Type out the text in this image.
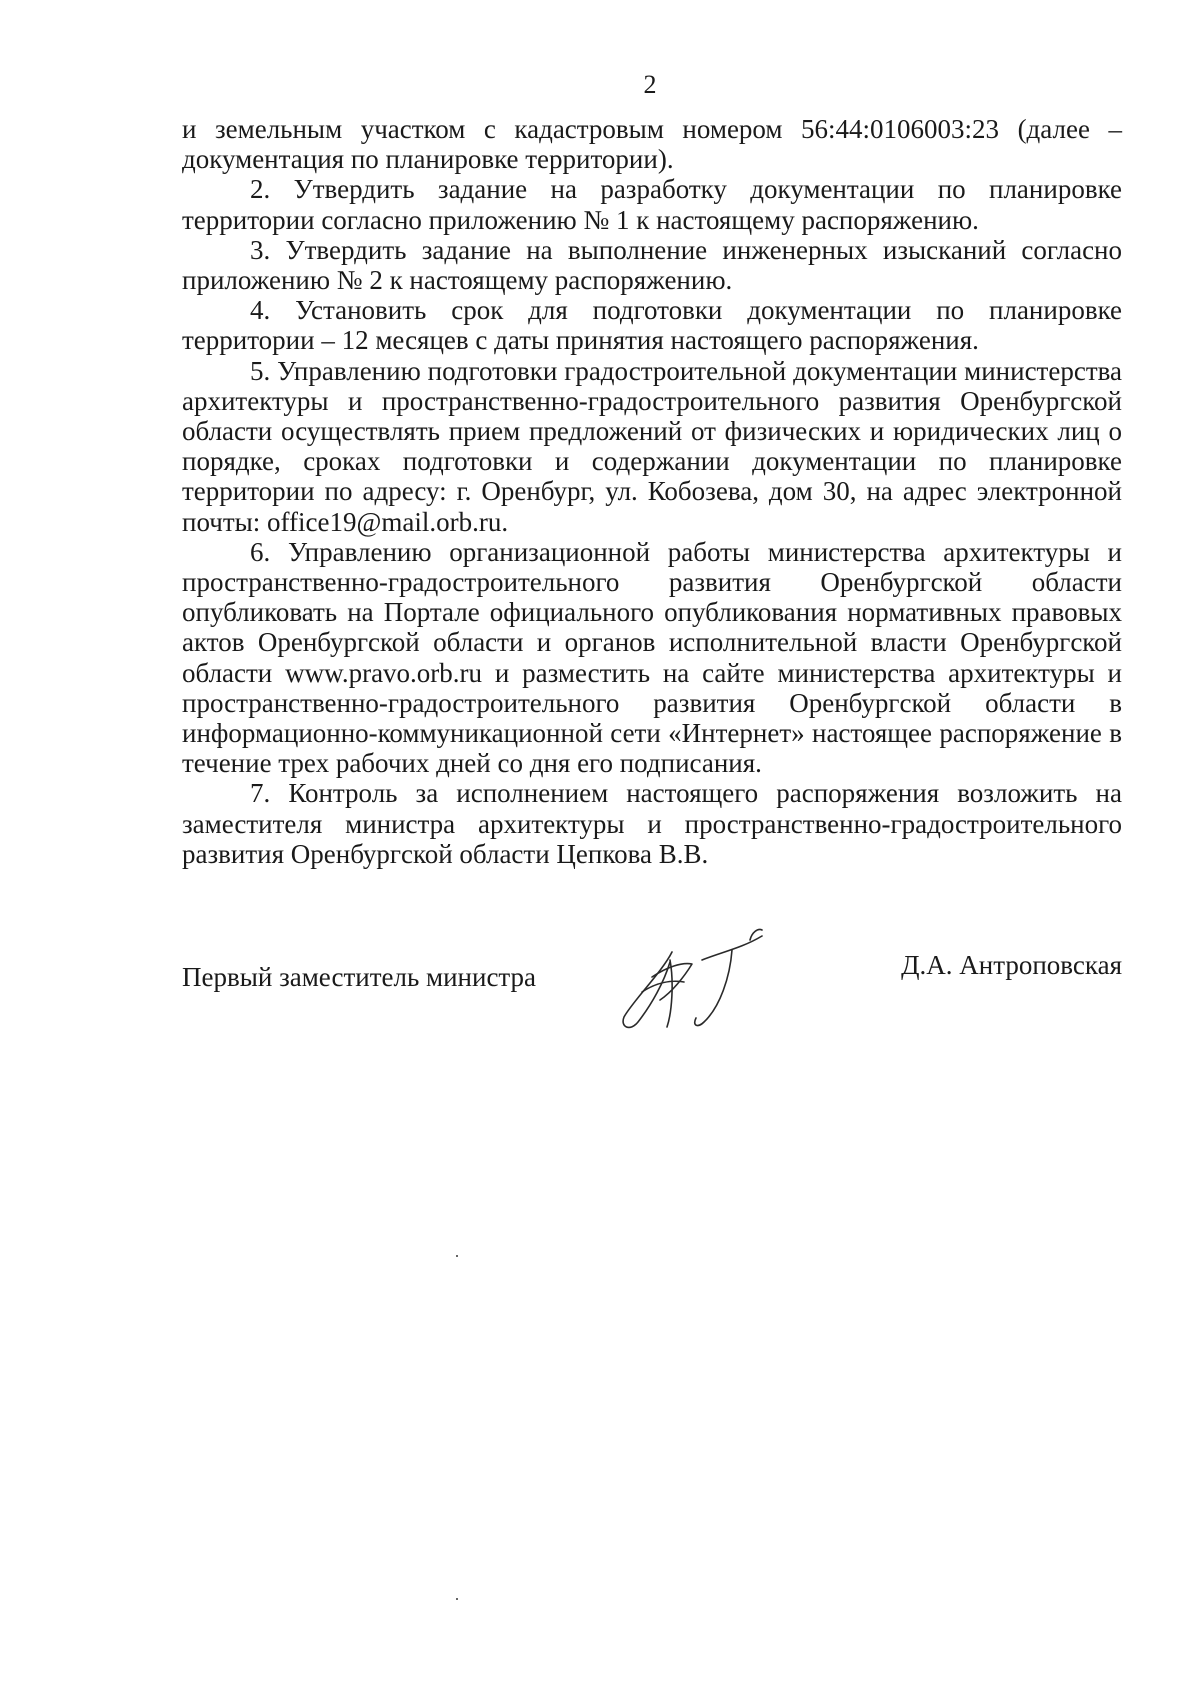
2

и земельным участком с кадастровым номером 56:44:0106003:23 (далее – документация по планировке территории).

2. Утвердить задание на разработку документации по планировке территории согласно приложению № 1 к настоящему распоряжению.

3. Утвердить задание на выполнение инженерных изысканий согласно приложению № 2 к настоящему распоряжению.

4. Установить срок для подготовки документации по планировке территории – 12 месяцев с даты принятия настоящего распоряжения.

5. Управлению подготовки градостроительной документации министерства архитектуры и пространственно-градостроительного развития Оренбургской области осуществлять прием предложений от физических и юридических лиц о порядке, сроках подготовки и содержании документации по планировке территории по адресу: г. Оренбург, ул. Кобозева, дом 30, на адрес электронной почты: office19@mail.orb.ru.

6. Управлению организационной работы министерства архитектуры и пространственно-градостроительного развития Оренбургской области опубликовать на Портале официального опубликования нормативных правовых актов Оренбургской области и органов исполнительной власти Оренбургской области www.pravo.orb.ru и разместить на сайте министерства архитектуры и пространственно-градостроительного развития Оренбургской области в информационно-коммуникационной сети «Интернет» настоящее распоряжение в течение трех рабочих дней со дня его подписания.

7. Контроль за исполнением настоящего распоряжения возложить на заместителя министра архитектуры и пространственно-градостроительного развития Оренбургской области Цепкова В.В.

Первый заместитель министра	Д.А. Антроповская
